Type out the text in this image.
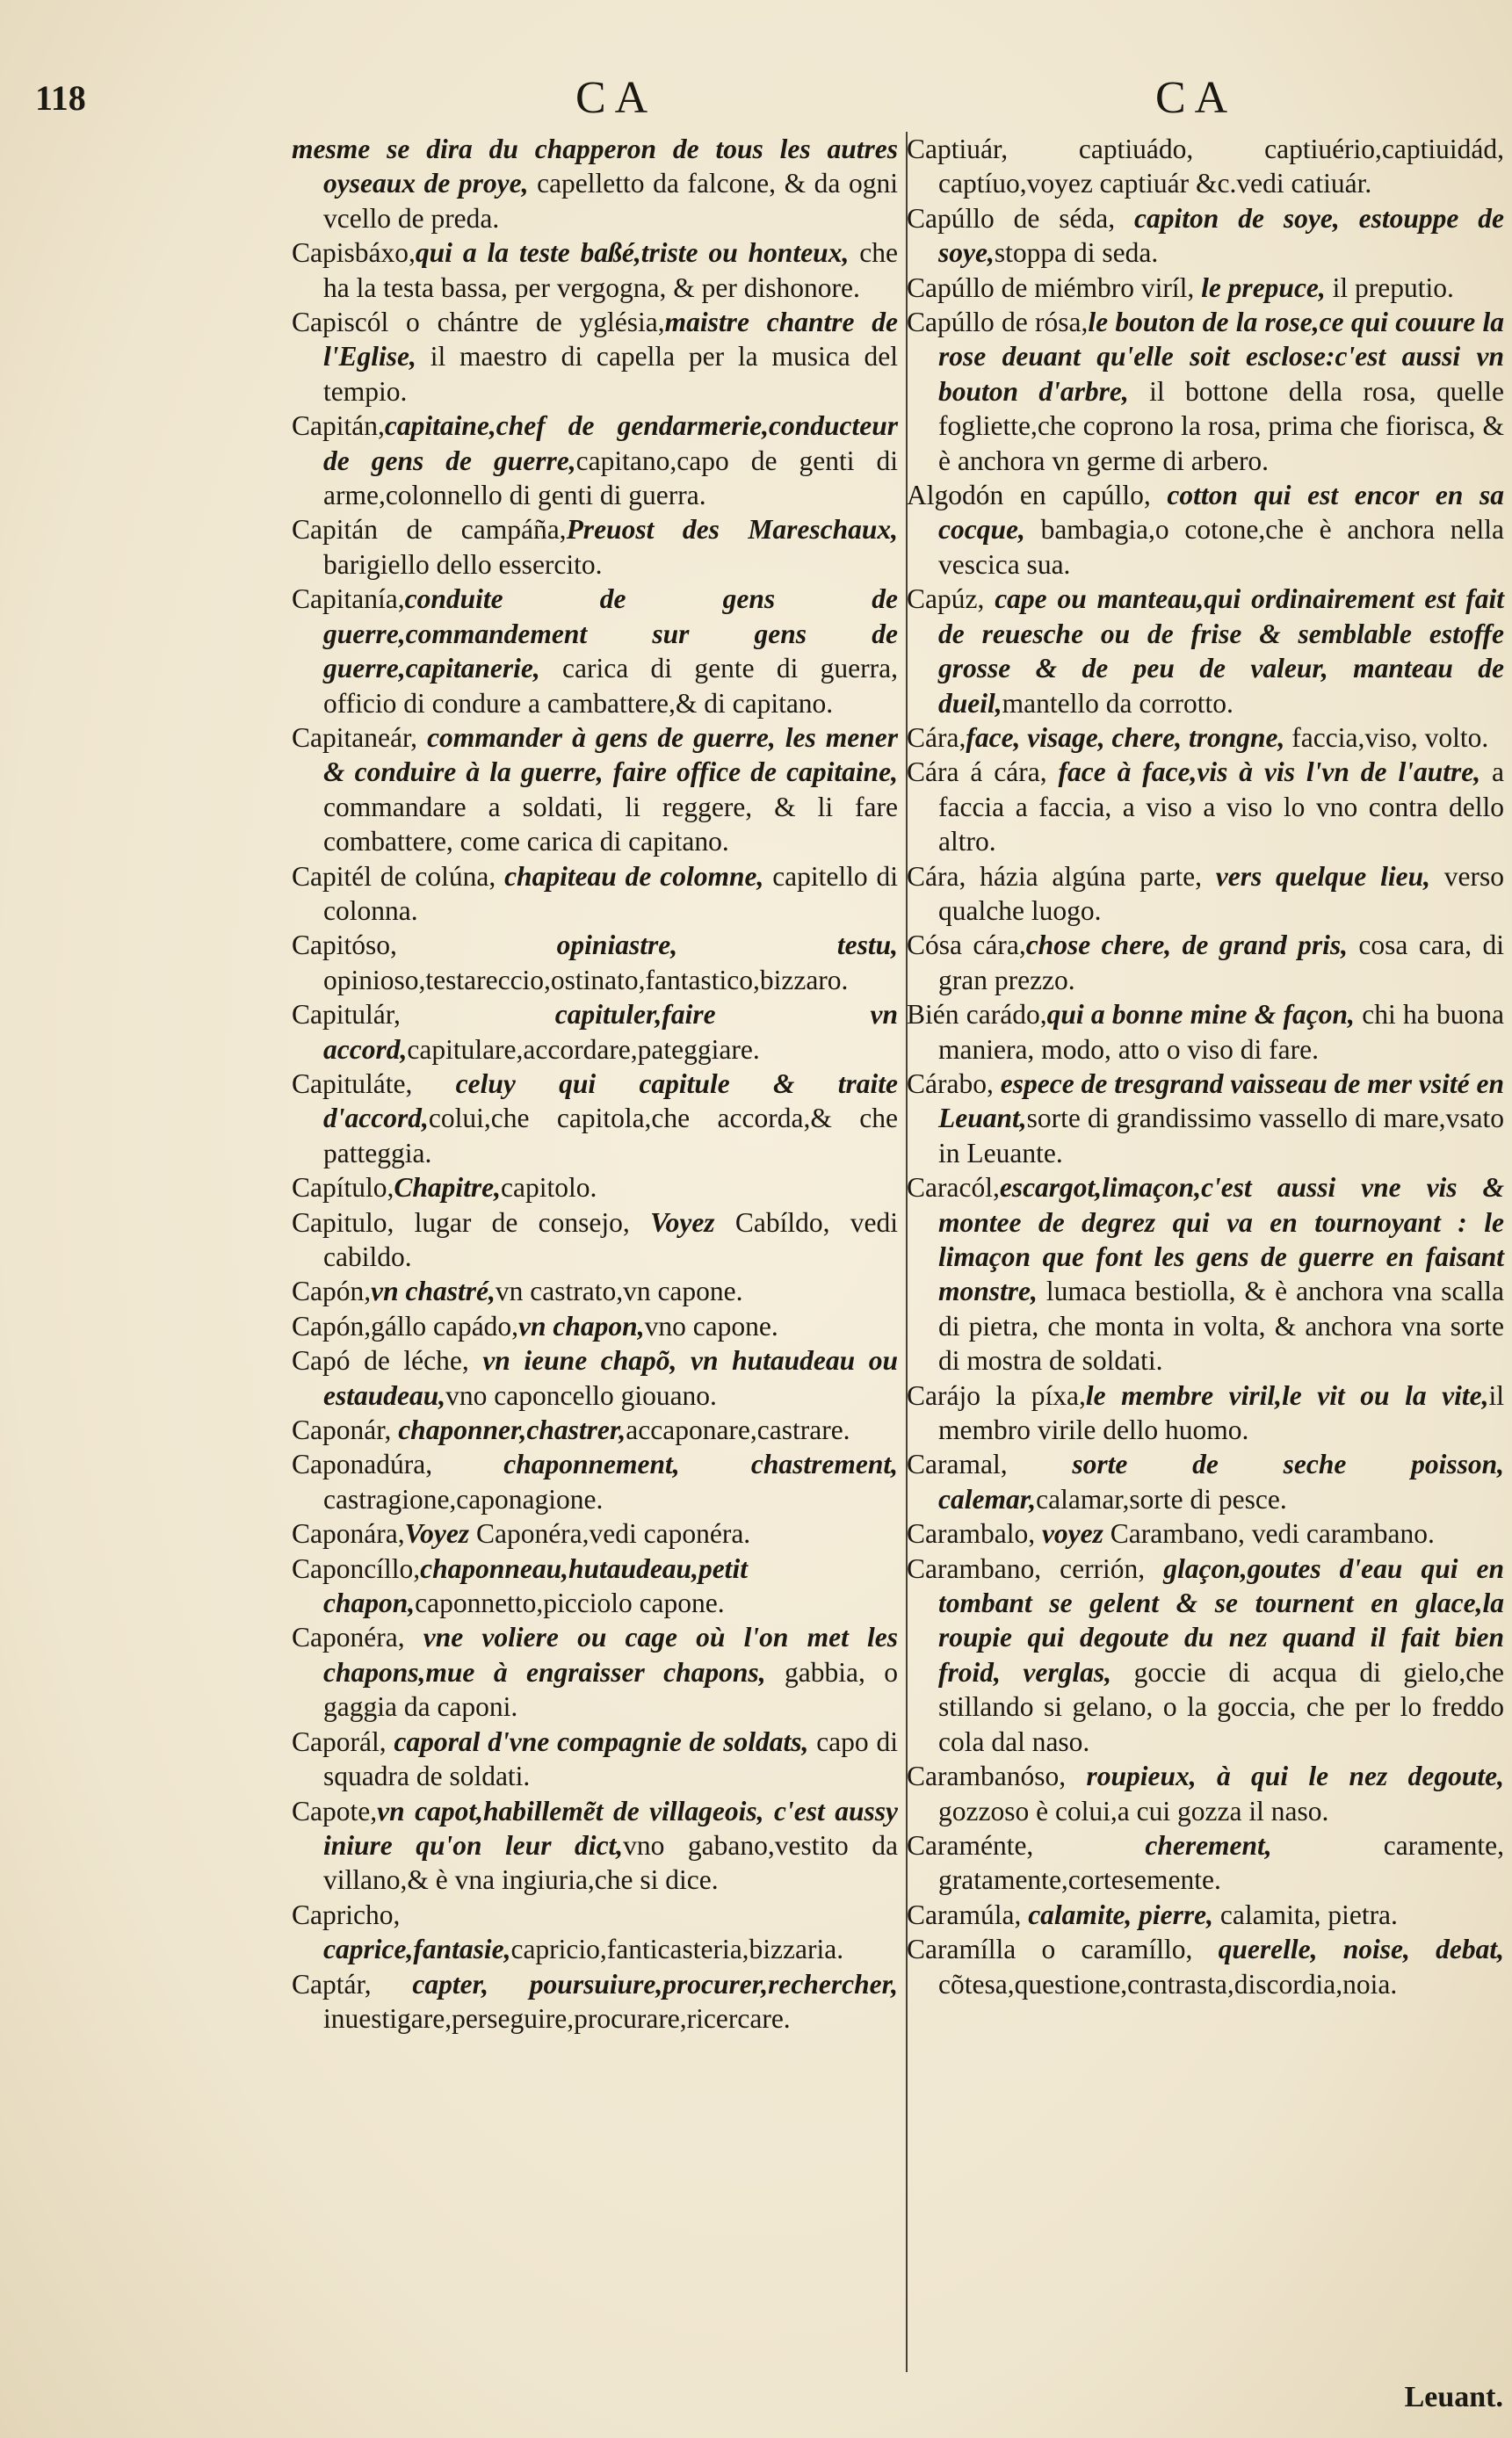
118	CA	CA

mesme se dira du chapperon de tous les autres oyseaux de proye, capelletto da falcone, & da ogni vcello de preda.

Capisbáxo,qui a la teste baßé,triste ou honteux, che ha la testa bassa, per vergogna, & per dishonore.

Capiscól o chántre de yglésia,maistre chantre de l'Eglise, il maestro di capella per la musica del tempio.

Capitán,capitaine,chef de gendarmerie,conducteur de gens de guerre,capitano,capo de genti di arme,colonnello di genti di guerra.

Capitán de campáña,Preuost des Mareschaux, barigiello dello essercito.

Capitanía,conduite de gens de guerre,commandement sur gens de guerre,capitanerie, carica di gente di guerra, officio di condure a cambattere,& di capitano.

Capitaneár, commander à gens de guerre, les mener & conduire à la guerre, faire office de capitaine, commandare a soldati, li reggere, & li fare combattere, come carica di capitano.

Capitél de colúna, chapiteau de colomne, capitello di colonna.

Capitóso, opiniastre, testu, opinioso,testareccio,ostinato,fantastico,bizzaro.

Capitulár, capituler,faire vn accord,capitulare,accordare,pateggiare.

Capituláte, celuy qui capitule & traite d'accord,colui,che capitola,che accorda,& che patteggia.

Capítulo,Chapitre,capitolo.

Capitulo, lugar de consejo, Voyez Cabíldo, vedi cabildo.

Capón,vn chastré,vn castrato,vn capone.

Capón,gállo capádo,vn chapon,vno capone.

Capó de léche, vn ieune chapõ, vn hutaudeau ou estaudeau,vno caponcello giouano.

Caponár, chaponner,chastrer,accaponare,castrare.

Caponadúra, chaponnement, chastrement, castragione,caponagione.

Caponára,Voyez Caponéra,vedi caponéra.

Caponcíllo,chaponneau,hutaudeau,petit chapon,caponnetto,picciolo capone.

Caponéra, vne voliere ou cage où l'on met les chapons,mue à engraisser chapons, gabbia, o gaggia da caponi.

Caporál, caporal d'vne compagnie de soldats, capo di squadra de soldati.

Capote,vn capot,habillemẽt de villageois, c'est aussy iniure qu'on leur dict,vno gabano,vestito da villano,& è vna ingiuria,che si dice.

Capricho, caprice,fantasie,capricio,fanticasteria,bizzaria.

Captár, capter, poursuiure,procurer,rechercher, inuestigare,perseguire,procurare,ricercare.

Captiuár, captiuádo, captiuério,captiuidád, captíuo,voyez captiuár &c.vedi catiuár.

Capúllo de séda, capiton de soye, estouppe de soye,stoppa di seda.

Capúllo de miémbro viríl, le prepuce, il preputio.

Capúllo de rósa,le bouton de la rose,ce qui couure la rose deuant qu'elle soit esclose:c'est aussi vn bouton d'arbre, il bottone della rosa, quelle fogliette,che coprono la rosa, prima che fiorisca, & è anchora vn germe di arbero.

Algodón en capúllo, cotton qui est encor en sa cocque, bambagia,o cotone,che è anchora nella vescica sua.

Capúz, cape ou manteau,qui ordinairement est fait de reuesche ou de frise & semblable estoffe grosse & de peu de valeur, manteau de dueil,mantello da corrotto.

Cára,face, visage, chere, trongne, faccia,viso, volto.

Cára á cára, face à face,vis à vis l'vn de l'autre, a faccia a faccia, a viso a viso lo vno contra dello altro.

Cára, házia algúna parte, vers quelque lieu, verso qualche luogo.

Cósa cára,chose chere, de grand pris, cosa cara, di gran prezzo.

Bién carádo,qui a bonne mine & façon, chi ha buona maniera, modo, atto o viso di fare.

Cárabo, espece de tresgrand vaisseau de mer vsité en Leuant,sorte di grandissimo vassello di mare,vsato in Leuante.

Caracól,escargot,limaçon,c'est aussi vne vis & montee de degrez qui va en tournoyant : le limaçon que font les gens de guerre en faisant monstre, lumaca bestiolla, & è anchora vna scalla di pietra, che monta in volta, & anchora vna sorte di mostra de soldati.

Carájo la píxa,le membre viril,le vit ou la vite,il membro virile dello huomo.

Caramal, sorte de seche poisson, calemar,calamar,sorte di pesce.

Carambalo, voyez Carambano, vedi carambano.

Carambano, cerrión, glaçon,goutes d'eau qui en tombant se gelent & se tournent en glace,la roupie qui degoute du nez quand il fait bien froid, verglas, goccie di acqua di gielo,che stillando si gelano, o la goccia, che per lo freddo cola dal naso.

Carambanóso, roupieux, à qui le nez degoute, gozzoso è colui,a cui gozza il naso.

Caraménte, cherement, caramente, gratamente,cortesemente.

Caramúla, calamite, pierre, calamita, pietra.

Caramílla o caramíllo, querelle, noise, debat, cõtesa,questione,contrasta,discordia,noia.

Leuant.
